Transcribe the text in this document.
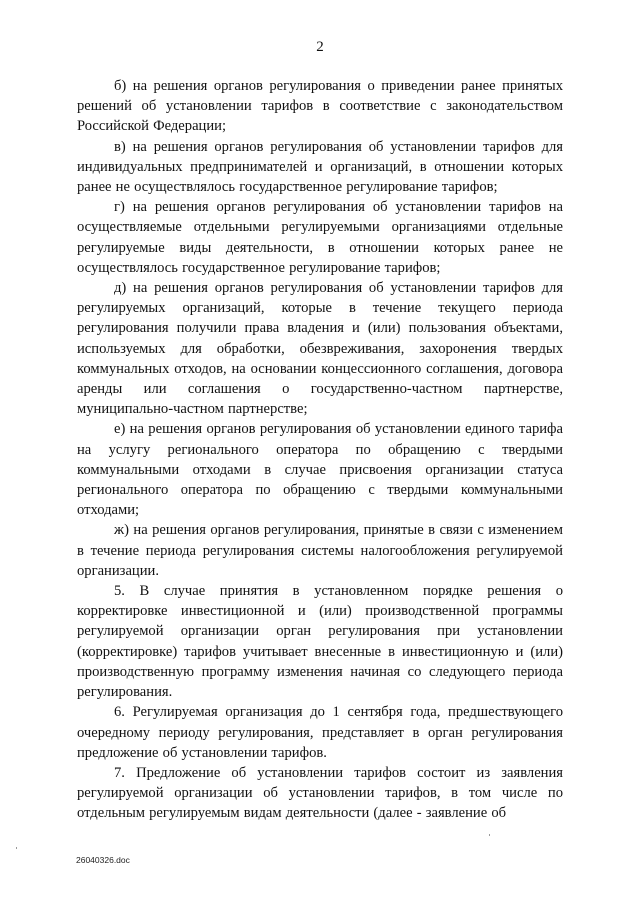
2

б) на решения органов регулирования о приведении ранее принятых решений об установлении тарифов в соответствие с законодательством Российской Федерации;

в) на решения органов регулирования об установлении тарифов для индивидуальных предпринимателей и организаций, в отношении которых ранее не осуществлялось государственное регулирование тарифов;

г) на решения органов регулирования об установлении тарифов на осуществляемые отдельными регулируемыми организациями отдельные регулируемые виды деятельности, в отношении которых ранее не осуществлялось государственное регулирование тарифов;

д) на решения органов регулирования об установлении тарифов для регулируемых организаций, которые в течение текущего периода регулирования получили права владения и (или) пользования объектами, используемых для обработки, обезвреживания, захоронения твердых коммунальных отходов, на основании концессионного соглашения, договора аренды или соглашения о государственно-частном партнерстве, муниципально-частном партнерстве;

е) на решения органов регулирования об установлении единого тарифа на услугу регионального оператора по обращению с твердыми коммунальными отходами в случае присвоения организации статуса регионального оператора по обращению с твердыми коммунальными отходами;

ж) на решения органов регулирования, принятые в связи с изменением в течение периода регулирования системы налогообложения регулируемой организации.

5. В случае принятия в установленном порядке решения о корректировке инвестиционной и (или) производственной программы регулируемой организации орган регулирования при установлении (корректировке) тарифов учитывает внесенные в инвестиционную и (или) производственную программу изменения начиная со следующего периода регулирования.

6. Регулируемая организация до 1 сентября года, предшествующего очередному периоду регулирования, представляет в орган регулирования предложение об установлении тарифов.

7. Предложение об установлении тарифов состоит из заявления регулируемой организации об установлении тарифов, в том числе по отдельным регулируемым видам деятельности (далее - заявление об

26040326.doc
